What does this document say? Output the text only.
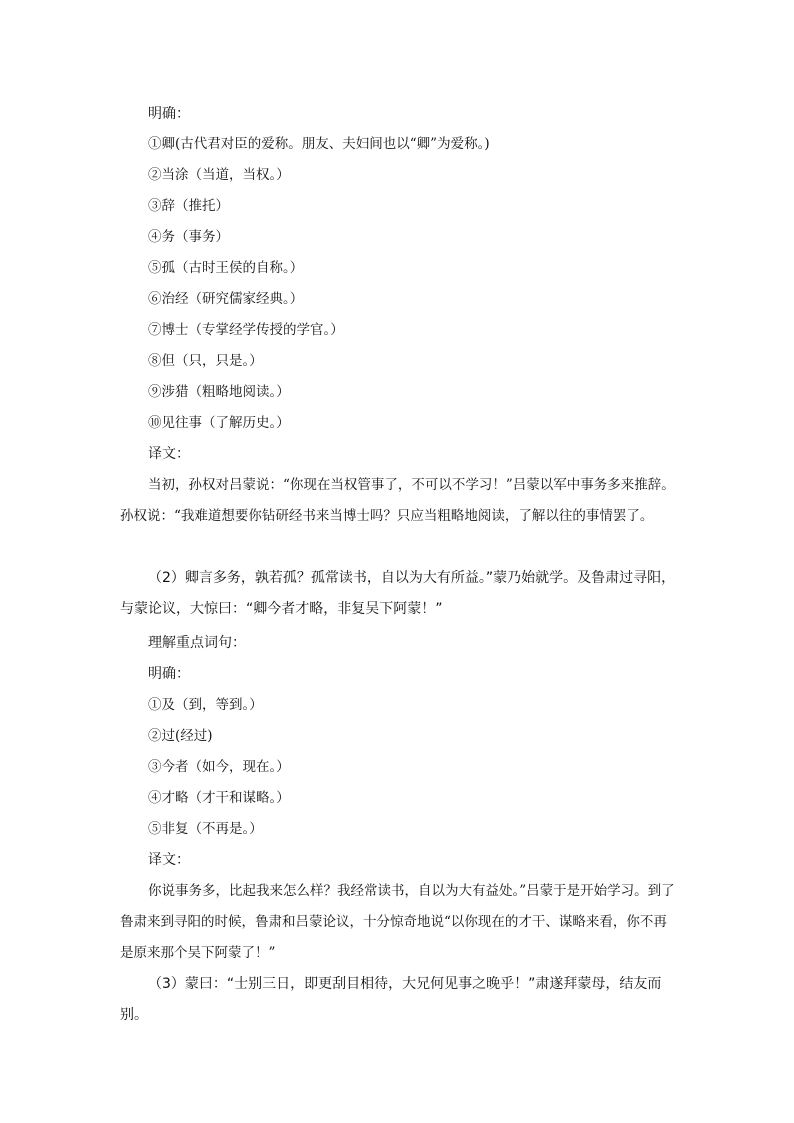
明确：
①卿(古代君对臣的爱称。朋友、夫妇间也以“卿”为爱称。)
②当涂（当道，当权。）
③辞（推托）
④务（事务）
⑤孤（古时王侯的自称。）
⑥治经（研究儒家经典。）
⑦博士（专掌经学传授的学官。）
⑧但（只，只是。）
⑨涉猎（粗略地阅读。）
⑩见往事（了解历史。）
译文：
当初，孙权对吕蒙说：“你现在当权管事了，不可以不学习！”吕蒙以军中事务多来推辞。孙权说：“我难道想要你钻研经书来当博士吗？只应当粗略地阅读，了解以往的事情罢了。
（2）卿言多务，孰若孤？孤常读书，自以为大有所益。”蒙乃始就学。及鲁肃过寻阳，与蒙论议，大惊曰：“卿今者才略，非复吴下阿蒙！”
理解重点词句：
明确：
①及（到，等到。）
②过(经过)
③今者（如今，现在。）
④才略（才干和谋略。）
⑤非复（不再是。）
译文：
你说事务多，比起我来怎么样？我经常读书，自以为大有益处。”吕蒙于是开始学习。到了鲁肃来到寻阳的时候，鲁肃和吕蒙论议，十分惊奇地说“以你现在的才干、谋略来看，你不再是原来那个吴下阿蒙了！”
（3）蒙曰：“士别三日，即更刮目相待，大兄何见事之晚乎！”肃遂拜蒙母，结友而别。
